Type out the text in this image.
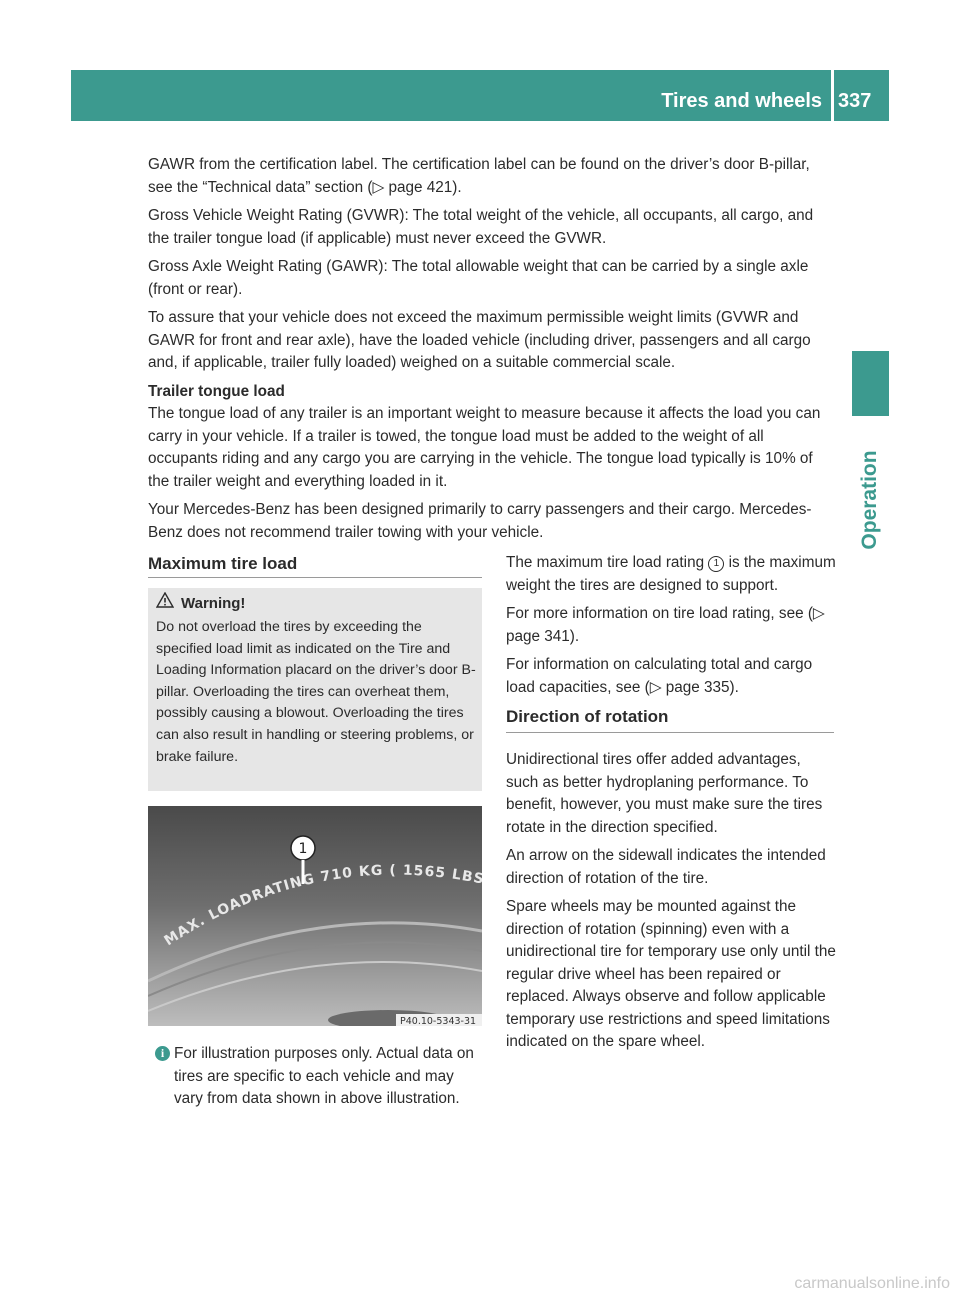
Tires and wheels 337
Operation

GAWR from the certification label. The certification label can be found on the driver’s door B-pillar, see the “Technical data” section (▷ page 421).

Gross Vehicle Weight Rating (GVWR): The total weight of the vehicle, all occupants, all cargo, and the trailer tongue load (if applicable) must never exceed the GVWR.

Gross Axle Weight Rating (GAWR): The total allowable weight that can be carried by a single axle (front or rear).

To assure that your vehicle does not exceed the maximum permissible weight limits (GVWR and GAWR for front and rear axle), have the loaded vehicle (including driver, passengers and all cargo and, if applicable, trailer fully loaded) weighed on a suitable commercial scale.

Trailer tongue load

The tongue load of any trailer is an important weight to measure because it affects the load you can carry in your vehicle. If a trailer is towed, the tongue load must be added to the weight of all occupants riding and any cargo you are carrying in the vehicle. The tongue load typically is 10% of the trailer weight and everything loaded in it.

Your Mercedes-Benz has been designed primarily to carry passengers and their cargo. Mercedes-Benz does not recommend trailer towing with your vehicle.

Maximum tire load
Warning!
Do not overload the tires by exceeding the specified load limit as indicated on the Tire and Loading Information placard on the driver’s door B-pillar. Overloading the tires can overheat them, possibly causing a blowout. Overloading the tires can also result in handling or steering problems, or brake failure.
MAX. LOADRATING 710 KG ( 1565 LB
1
P40.10-5343-31
i For illustration purposes only. Actual data on tires are specific to each vehicle and may vary from data shown in above illustration.

The maximum tire load rating 1 is the maximum weight the tires are designed to support.

For more information on tire load rating, see (▷ page 341).

For information on calculating total and cargo load capacities, see (▷ page 335).

Direction of rotation

Unidirectional tires offer added advantages, such as better hydroplaning performance. To benefit, however, you must make sure the tires rotate in the direction specified.

An arrow on the sidewall indicates the intended direction of rotation of the tire.

Spare wheels may be mounted against the direction of rotation (spinning) even with a unidirectional tire for temporary use only until the regular drive wheel has been repaired or replaced. Always observe and follow applicable temporary use restrictions and speed limitations indicated on the spare wheel.

carmanualsonline.info
